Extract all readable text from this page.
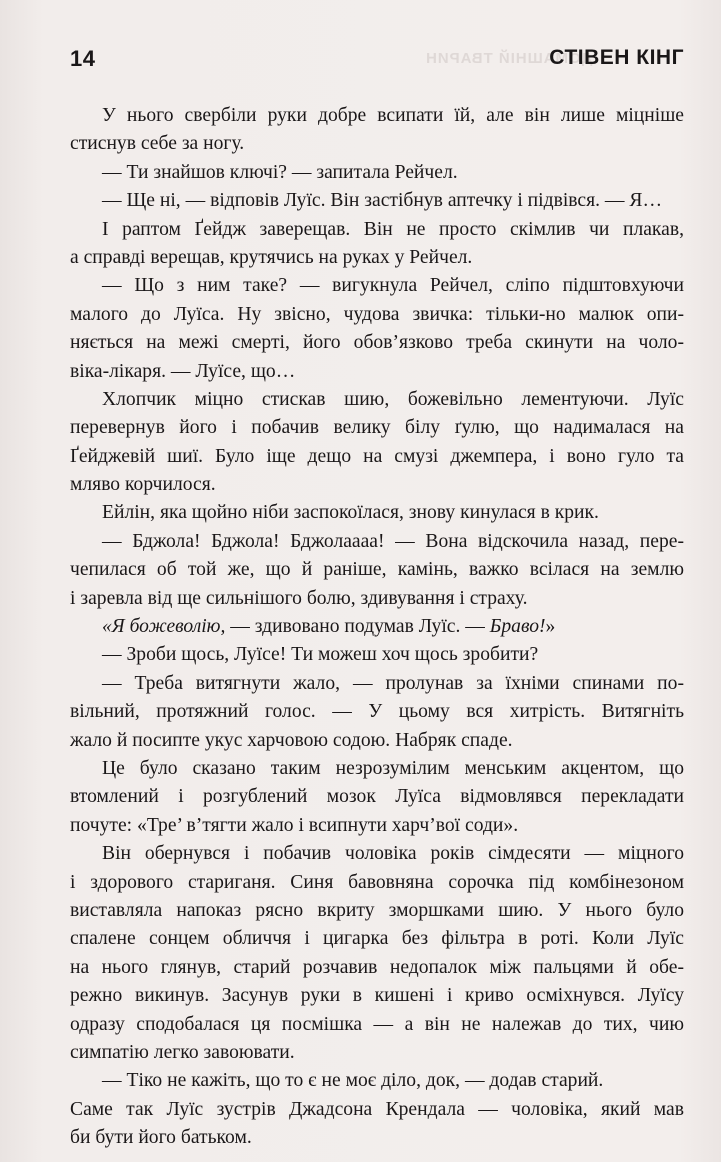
14	ДОМАШНІЙ ТВАРИН
СТІВЕН КІНГ
У нього свербіли руки добре всипати їй, але він лише міцніше
стиснув себе за ногу.
— Ти знайшов ключі? — запитала Рейчел.
— Ще ні, — відповів Луїс. Він застібнув аптечку і підвівся. — Я…
І раптом Ґейдж заверещав. Він не просто скімлив чи плакав,
а справді верещав, крутячись на руках у Рейчел.
— Що з ним таке? — вигукнула Рейчел, сліпо підштовхуючи
малого до Луїса. Ну звісно, чудова звичка: тільки-но малюк опи-
няється на межі смерті, його обов’язково треба скинути на чоло-
віка-лікаря. — Луїсе, що…
Хлопчик міцно стискав шию, божевільно лементуючи. Луїс
перевернув його і побачив велику білу ґулю, що надималася на
Ґейджевій шиї. Було іще дещо на смузі джемпера, і воно гуло та
мляво корчилося.
Ейлін, яка щойно ніби заспокоїлася, знову кинулася в крик.
— Бджола! Бджола! Бджолаааа! — Вона відскочила назад, пере-
чепилася об той же, що й раніше, камінь, важко всілася на землю
і заревла від ще сильнішого болю, здивування і страху.
«Я божеволію, — здивовано подумав Луїс. — Браво!»
— Зроби щось, Луїсе! Ти можеш хоч щось зробити?
— Треба витягнути жало, — пролунав за їхніми спинами по-
вільний, протяжний голос. — У цьому вся хитрість. Витягніть
жало й посипте укус харчовою содою. Набряк спаде.
Це було сказано таким незрозумілим менським акцентом, що
втомлений і розгублений мозок Луїса відмовлявся перекладати
почуте: «Тре’ в’тягти жало і всипнути харч’вої соди».
Він обернувся і побачив чоловіка років сімдесяти — міцного
і здорового стариганя. Синя бавовняна сорочка під комбінезоном
виставляла напоказ рясно вкриту зморшками шию. У нього було
спалене сонцем обличчя і цигарка без фільтра в роті. Коли Луїс
на нього глянув, старий розчавив недопалок між пальцями й обе-
режно викинув. Засунув руки в кишені і криво осміхнувся. Луїсу
одразу сподобалася ця посмішка — а він не належав до тих, чию
симпатію легко завоювати.
— Тіко не кажіть, що то є не моє діло, док, — додав старий.
Саме так Луїс зустрів Джадсона Крендала — чоловіка, який мав
би бути його батьком.
